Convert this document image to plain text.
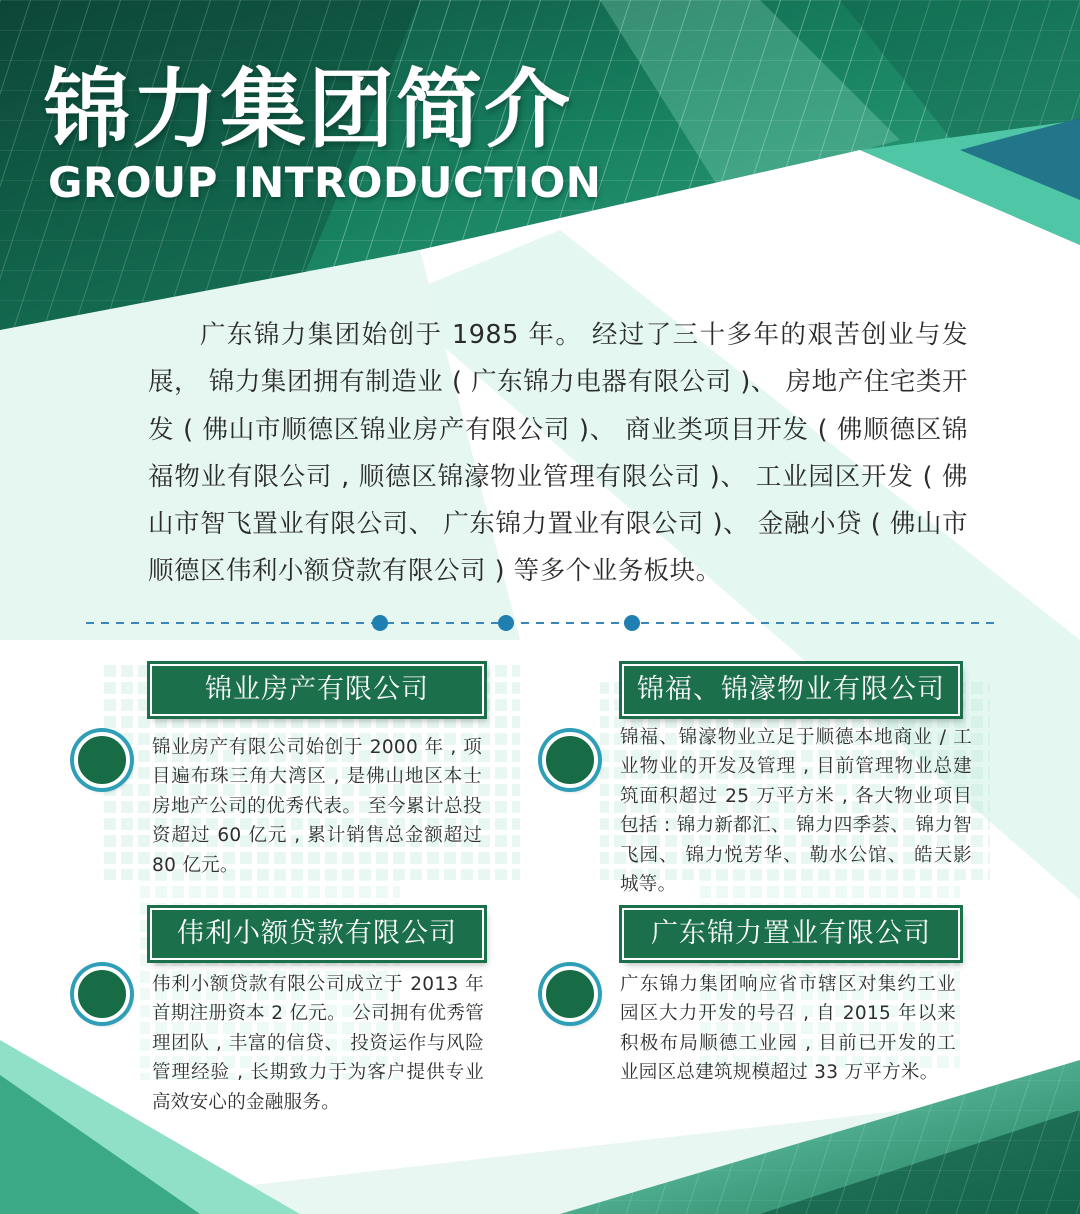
锦力集团简介
GROUP INTRODUCTION

广东锦力集团始创于 1985 年。 经过了三十多年的艰苦创业与发展， 锦力集团拥有制造业 ( 广东锦力电器有限公司 )、 房地产住宅类开发 ( 佛山市顺德区锦业房产有限公司 )、 商业类项目开发 ( 佛顺德区锦福物业有限公司 , 顺德区锦濠物业管理有限公司 )、 工业园区开发 ( 佛山市智飞置业有限公司、 广东锦力置业有限公司 )、 金融小贷 ( 佛山市顺德区伟利小额贷款有限公司 ) 等多个业务板块。

锦业房产有限公司

锦业房产有限公司始创于 2000 年 , 项目遍布珠三角大湾区 , 是佛山地区本士房地产公司的优秀代表。 至今累计总投资超过 60 亿元 , 累计销售总金额超过 80 亿元。

锦福、锦濠物业有限公司

锦福、锦濠物业立足于顺德本地商业 / 工业物业的开发及管理 , 目前管理物业总建筑面积超过 25 万平方米 , 各大物业项目包括 : 锦力新都汇、 锦力四季荟、 锦力智飞园、 锦力悦芳华、 勒水公馆、 皓天影城等。

伟利小额贷款有限公司

伟利小额贷款有限公司成立于 2013 年首期注册资本 2 亿元。 公司拥有优秀管理团队 , 丰富的信贷、 投资运作与风险管理经验 , 长期致力于为客户提供专业高效安心的金融服务。

广东锦力置业有限公司

广东锦力集团响应省市辖区对集约工业园区大力开发的号召 , 自 2015 年以来积极布局顺德工业园 , 目前已开发的工业园区总建筑规模超过 33 万平方米。
